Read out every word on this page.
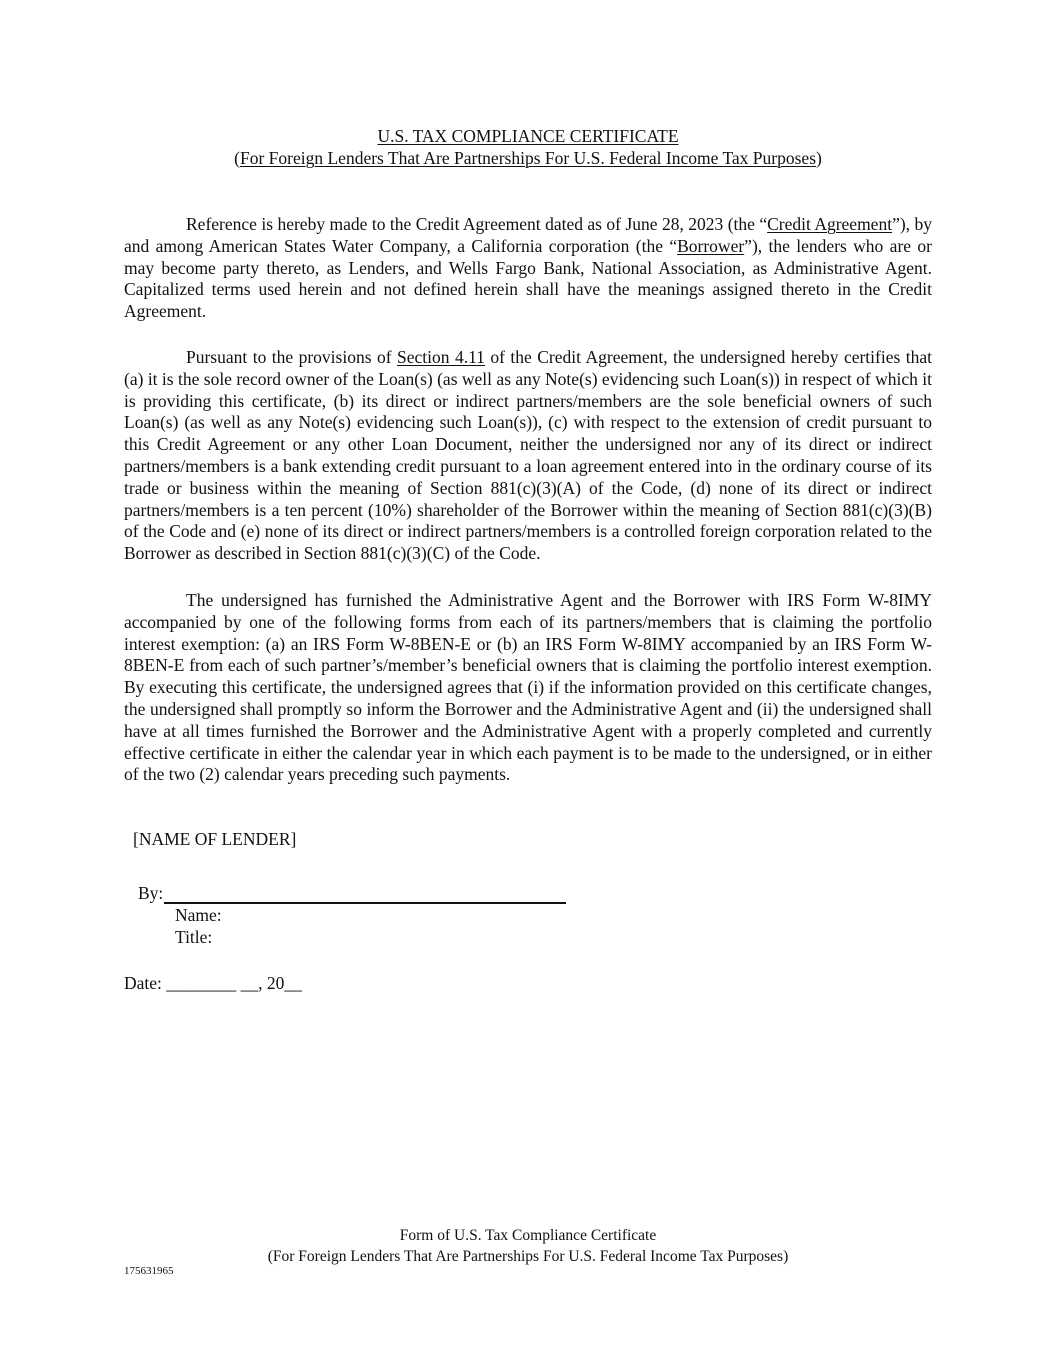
U.S. TAX COMPLIANCE CERTIFICATE
(For Foreign Lenders That Are Partnerships For U.S. Federal Income Tax Purposes)

Reference is hereby made to the Credit Agreement dated as of June 28, 2023 (the “Credit Agreement”), by and among American States Water Company, a California corporation (the “Borrower”), the lenders who are or may become party thereto, as Lenders, and Wells Fargo Bank, National Association, as Administrative Agent. Capitalized terms used herein and not defined herein shall have the meanings assigned thereto in the Credit Agreement.

Pursuant to the provisions of Section 4.11 of the Credit Agreement, the undersigned hereby certifies that (a) it is the sole record owner of the Loan(s) (as well as any Note(s) evidencing such Loan(s)) in respect of which it is providing this certificate, (b) its direct or indirect partners/members are the sole beneficial owners of such Loan(s) (as well as any Note(s) evidencing such Loan(s)), (c) with respect to the extension of credit pursuant to this Credit Agreement or any other Loan Document, neither the undersigned nor any of its direct or indirect partners/members is a bank extending credit pursuant to a loan agreement entered into in the ordinary course of its trade or business within the meaning of Section 881(c)(3)(A) of the Code, (d) none of its direct or indirect partners/members is a ten percent (10%) shareholder of the Borrower within the meaning of Section 881(c)(3)(B) of the Code and (e) none of its direct or indirect partners/members is a controlled foreign corporation related to the Borrower as described in Section 881(c)(3)(C) of the Code.

The undersigned has furnished the Administrative Agent and the Borrower with IRS Form W-8IMY accompanied by one of the following forms from each of its partners/members that is claiming the portfolio interest exemption: (a) an IRS Form W-8BEN-E or (b) an IRS Form W-8IMY accompanied by an IRS Form W-8BEN-E from each of such partner’s/member’s beneficial owners that is claiming the portfolio interest exemption. By executing this certificate, the undersigned agrees that (i) if the information provided on this certificate changes, the undersigned shall promptly so inform the Borrower and the Administrative Agent and (ii) the undersigned shall have at all times furnished the Borrower and the Administrative Agent with a properly completed and currently effective certificate in either the calendar year in which each payment is to be made to the undersigned, or in either of the two (2) calendar years preceding such payments.

[NAME OF LENDER]
By:
Name:
Title:
Date: ________ __, 20__
Form of U.S. Tax Compliance Certificate
(For Foreign Lenders That Are Partnerships For U.S. Federal Income Tax Purposes)
175631965
